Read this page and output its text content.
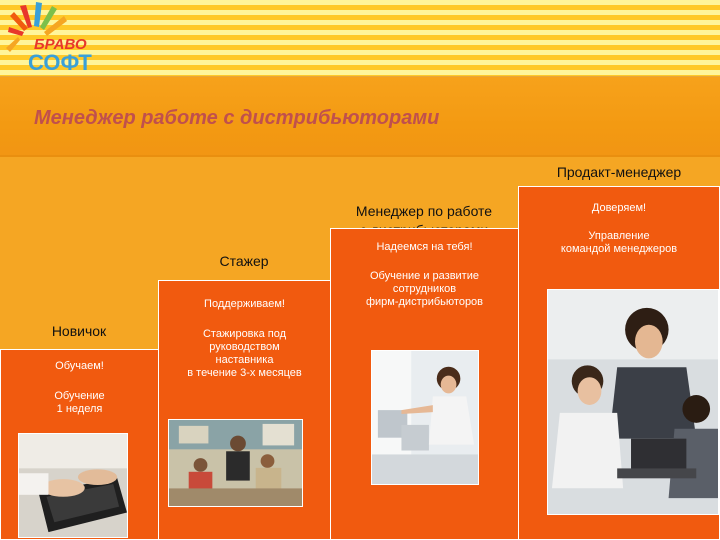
БРАВО
СОФТ
Менеджер работе с дистрибьюторами
Новичок
Стажер

Менеджер по работе

Продакт-менеджер
Обучаем!
Обучение
1 неделя
Поддерживаем!
Стажировка под
руководством
наставника
в течение 3-х месяцев
Надеемся на тебя!
Обучение и развитие
сотрудников
фирм-дистрибьюторов
Доверяем!
Управление
командой менеджеров
